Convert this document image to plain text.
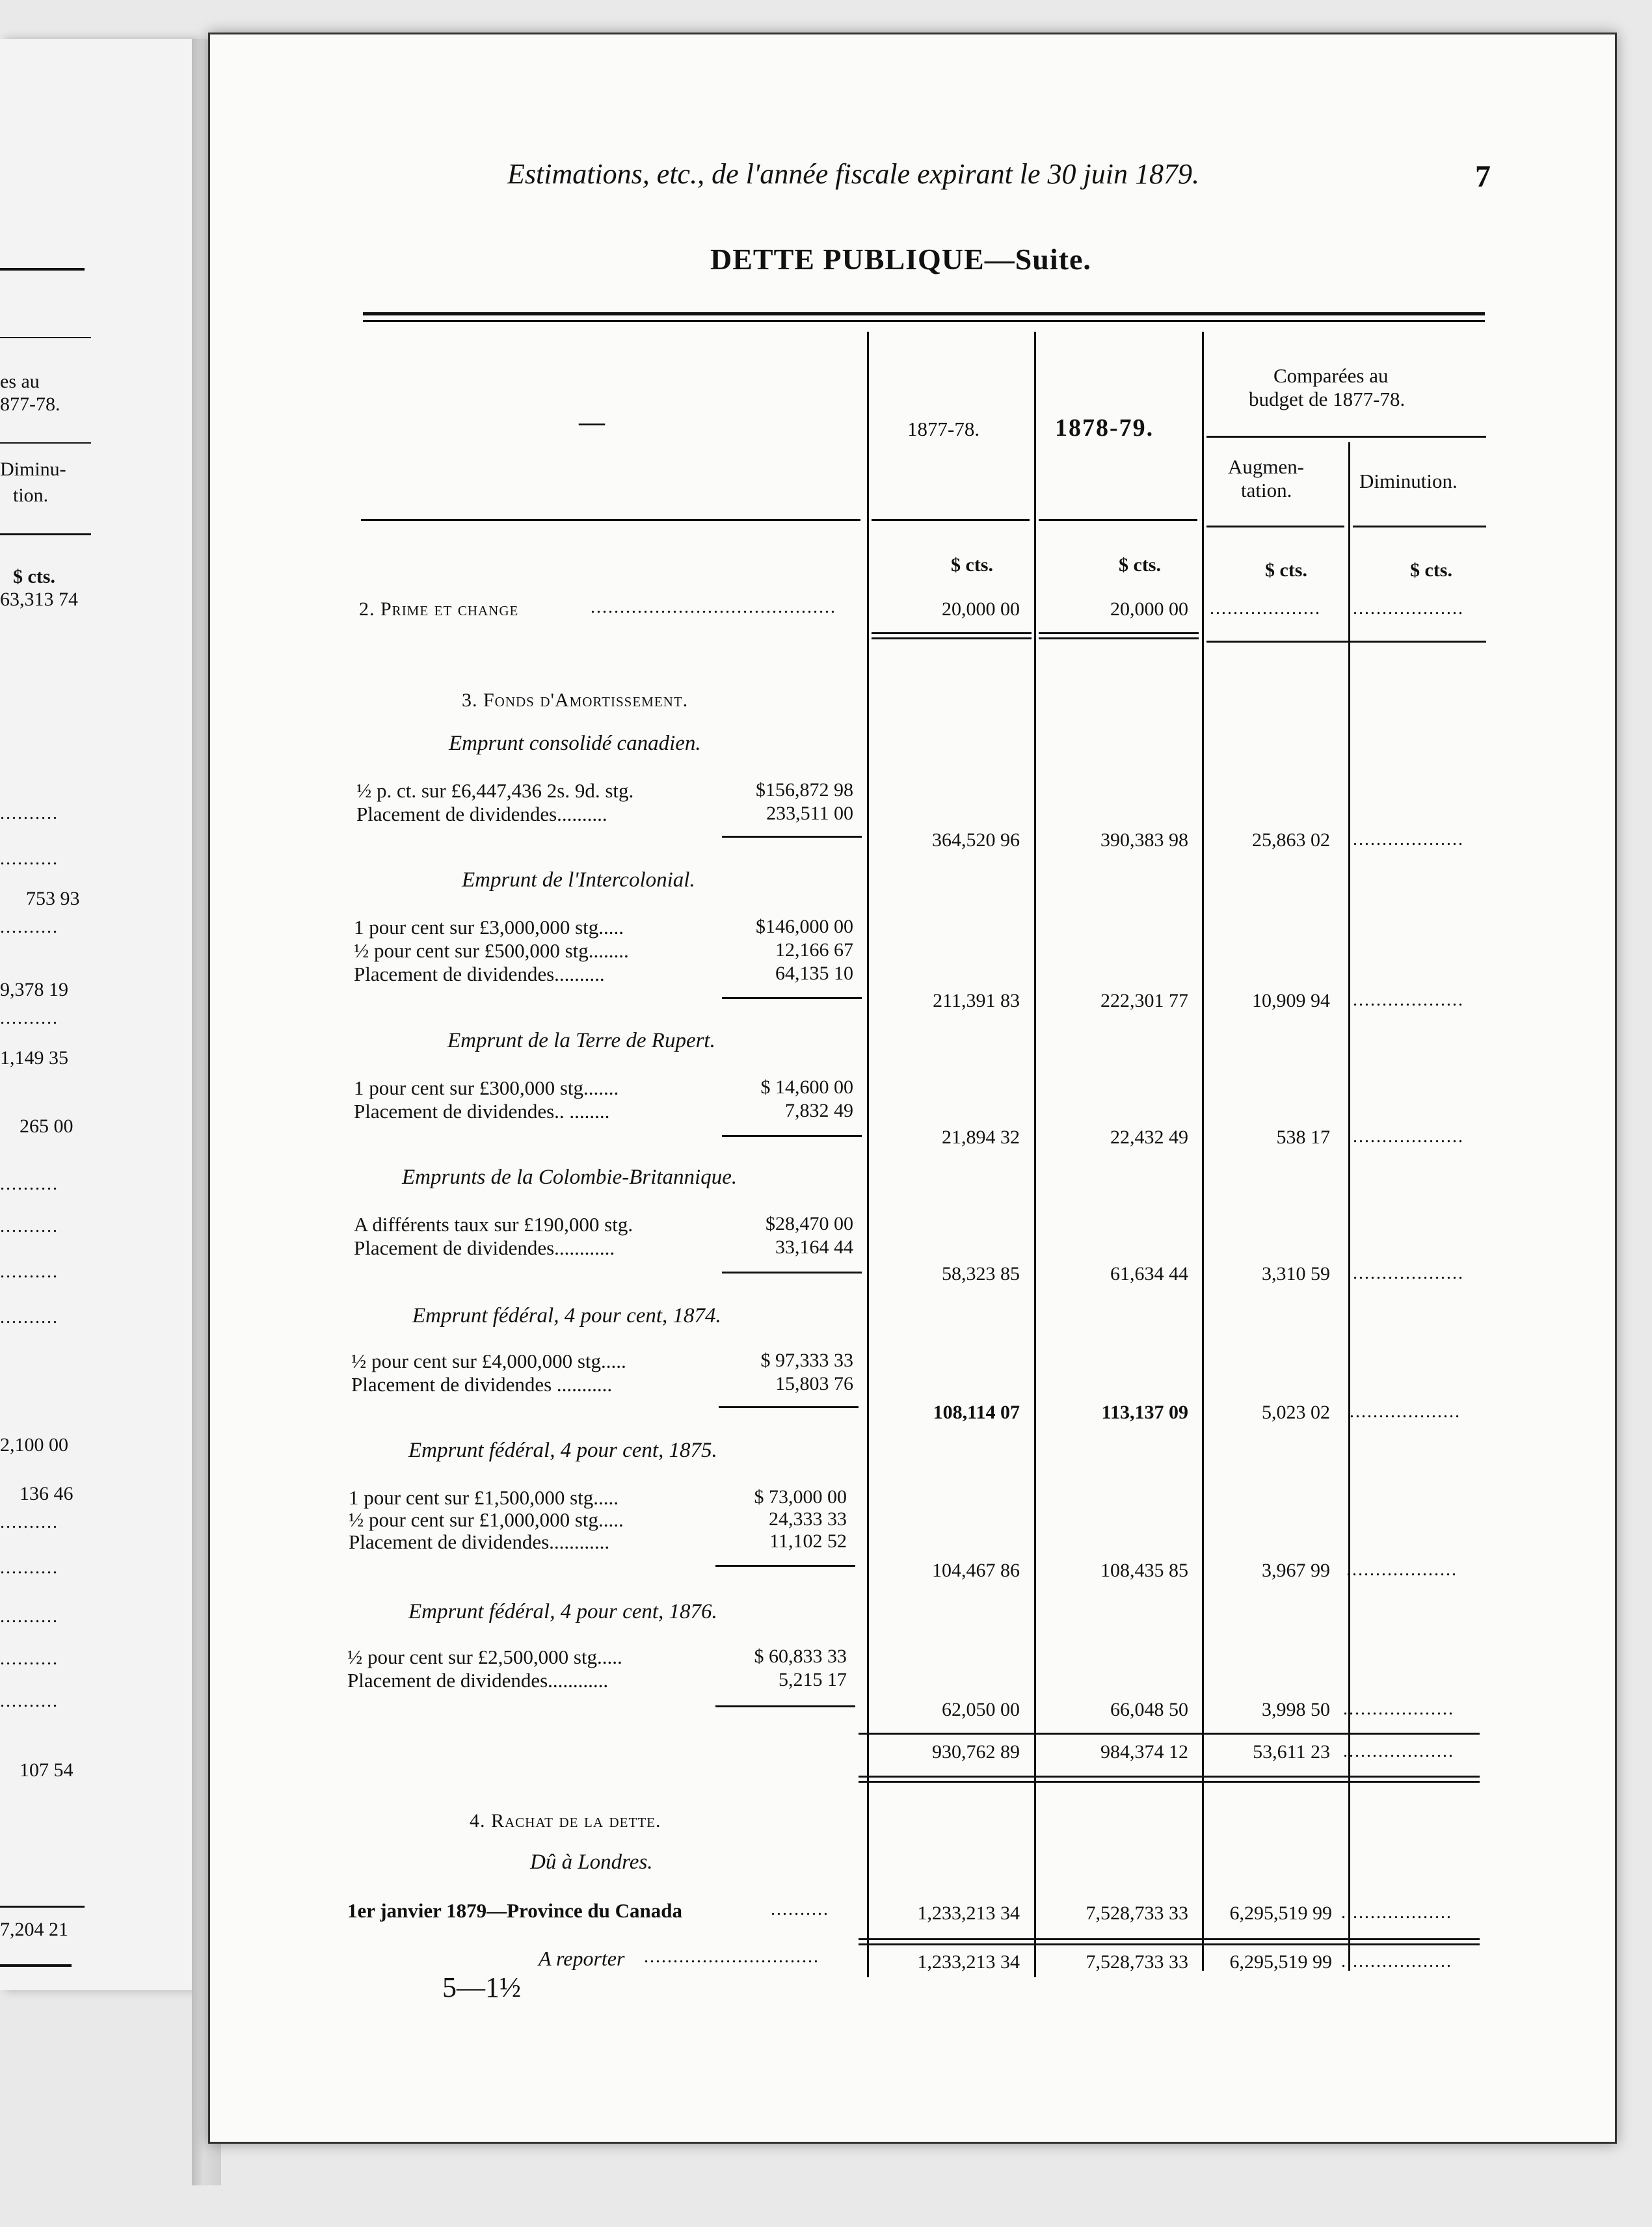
es au
877-78.
Diminu-
tion.
$ cts.
63,313 74
..........
..........
753 93
..........
9,378 19
..........
1,149 35
265 00
..........
..........
..........
..........
2,100 00
136 46
..........
..........
..........
..........
..........
107 54
7,204 21
Estimations, etc., de l'année fiscale expirant le 30 juin 1879.	7
DETTE PUBLIQUE—Suite.
—	1877-78.	1878-79.
Comparées au
budget de 1877-78.
Augmen-
tation.	Diminution.
$ cts.	$ cts.	$ cts.	$ cts.
2. Prime et change	..........................................	20,000 00	20,000 00 ................... ...................
3. Fonds d'Amortissement.
Emprunt consolidé canadien.
½ p. ct. sur £6,447,436 2s. 9d. stg.	$156,872 98
Placement de dividendes..........	233,511 00
364,520 96	390,383 98	25,863 02 ...................
Emprunt de l'Intercolonial.
1 pour cent sur £3,000,000 stg.....	$146,000 00
½ pour cent sur £500,000 stg........	12,166 67
Placement de dividendes..........	64,135 10
211,391 83	222,301 77	10,909 94 ...................
Emprunt de la Terre de Rupert.
1 pour cent sur £300,000 stg.......	$ 14,600 00
Placement de dividendes.. ........	7,832 49
21,894 32	22,432 49	538 17 ...................
Emprunts de la Colombie-Britannique.
A différents taux sur £190,000 stg.	$28,470 00
Placement de dividendes............	33,164 44
58,323 85	61,634 44	3,310 59 ...................
Emprunt fédéral, 4 pour cent, 1874.
½ pour cent sur £4,000,000 stg.....	$ 97,333 33
Placement de dividendes ...........	15,803 76
108,114 07	113,137 09	5,023 02 ...................
Emprunt fédéral, 4 pour cent, 1875.
1 pour cent sur £1,500,000 stg.....	$ 73,000 00
½ pour cent sur £1,000,000 stg.....	24,333 33
Placement de dividendes............	11,102 52
104,467 86	108,435 85	3,967 99 ...................
Emprunt fédéral, 4 pour cent, 1876.
½ pour cent sur £2,500,000 stg.....	$ 60,833 33
Placement de dividendes............	5,215 17
62,050 00	66,048 50	3,998 50 ...................
930,762 89	984,374 12	53,611 23 ...................
4. Rachat de la dette.
Dû à Londres.
1er janvier 1879—Province du Canada	..........	1,233,213 34	7,528,733 33	6,295,519 99 ...................
A reporter ..............................	1,233,213 34	7,528,733 33	6,295,519 99 ...................
5—1½
